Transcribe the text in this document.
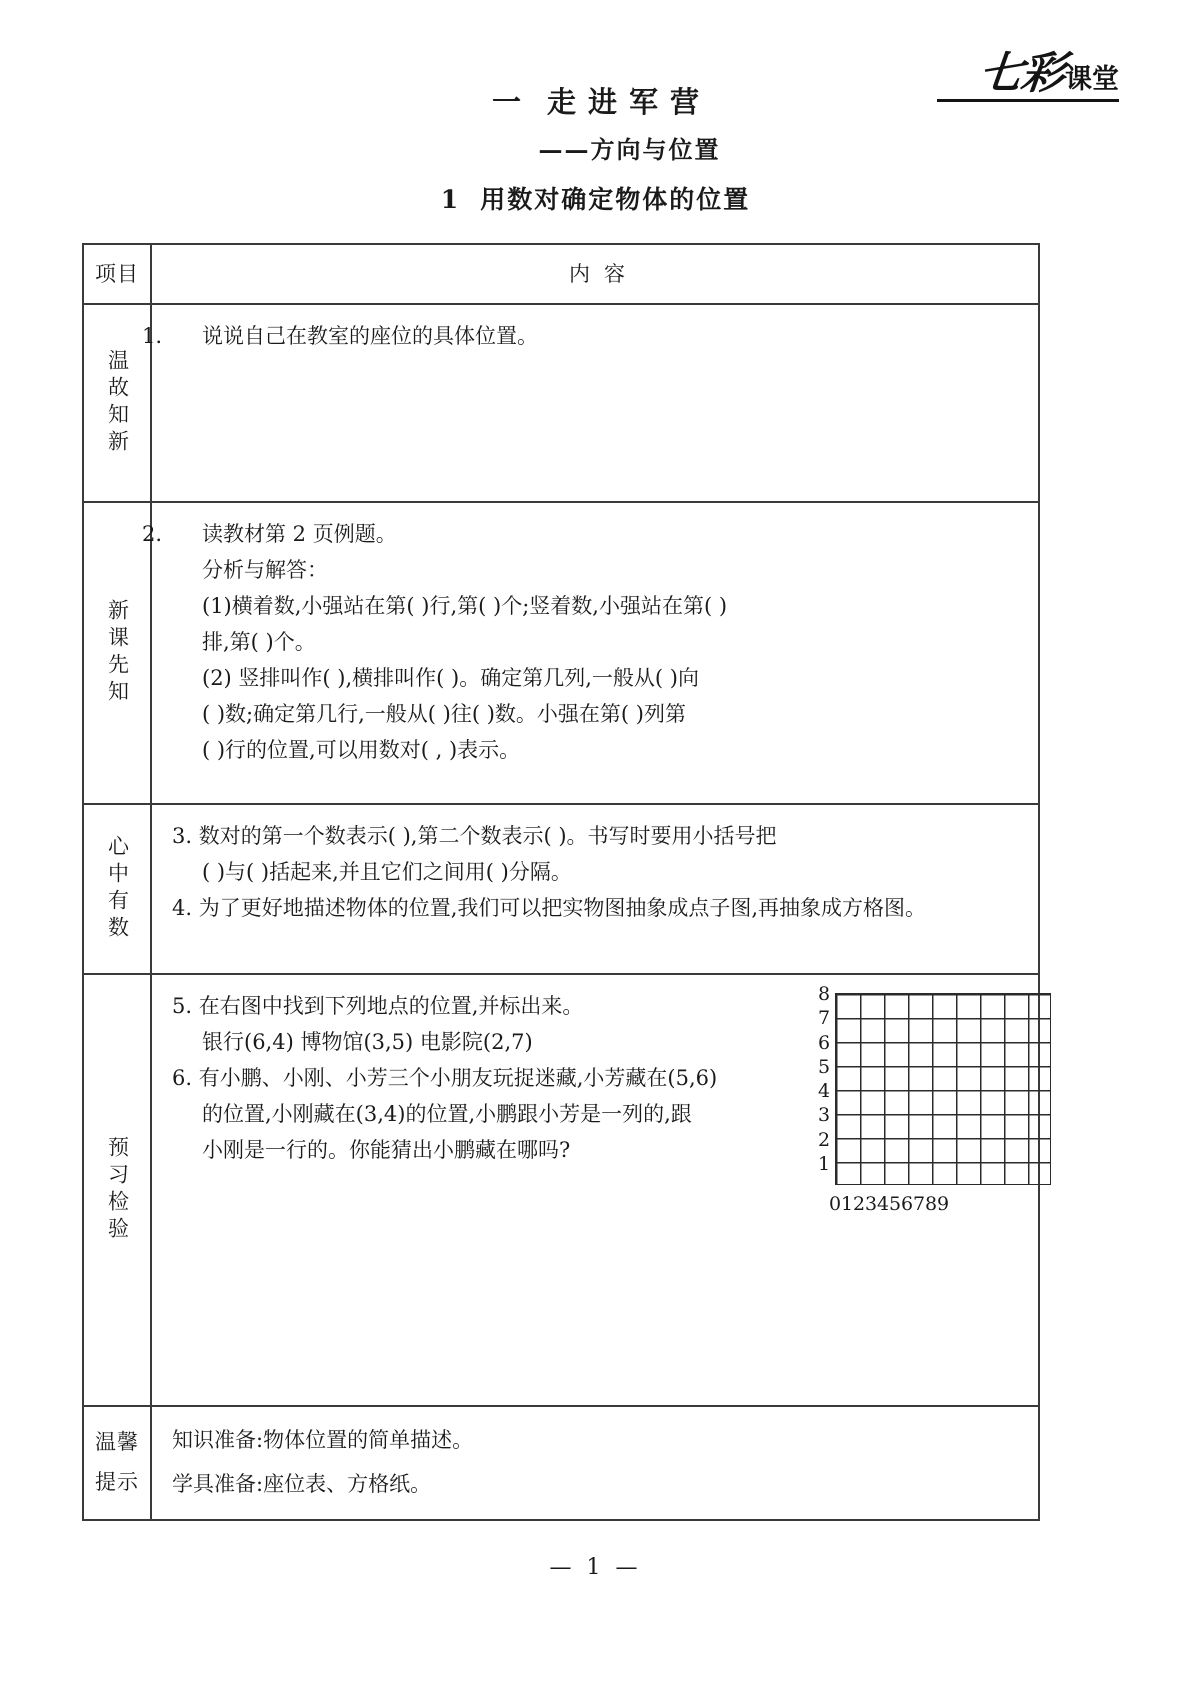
七彩 课堂
一 走进军营
——方向与位置
1 用数对确定物体的位置
项目	内容
温故知新
1. 说说自己在教室的座位的具体位置。
新课先知
2. 读教材第 2 页例题。
分析与解答：
(1)横着数,小强站在第( )行,第( )个;竖着数,小强站在第( )
排,第( )个。
(2) 竖排叫作( ),横排叫作( )。确定第几列,一般从( )向
( )数;确定第几行,一般从( )往( )数。小强在第( )列第
( )行的位置,可以用数对( , )表示。
心中有数 3. 数对的第一个数表示( ),第二个数表示( )。书写时要用小括号把
( )与( )括起来,并且它们之间用( )分隔。
4. 为了更好地描述物体的位置,我们可以把实物图抽象成点子图,再抽象成方格图。
预习检验
5. 在右图中找到下列地点的位置,并标出来。
银行(6,4) 博物馆(3,5) 电影院(2,7)
6. 有小鹏、小刚、小芳三个小朋友玩捉迷藏,小芳藏在(5,6)
的位置,小刚藏在(3,4)的位置,小鹏跟小芳是一列的,跟
小刚是一行的。你能猜出小鹏藏在哪吗?
8
7
6
5
4
3
2
1
0 1 2 3 4 5 6 7 8 9
温馨
提示
知识准备:物体位置的简单描述。
学具准备:座位表、方格纸。
— 1 —
